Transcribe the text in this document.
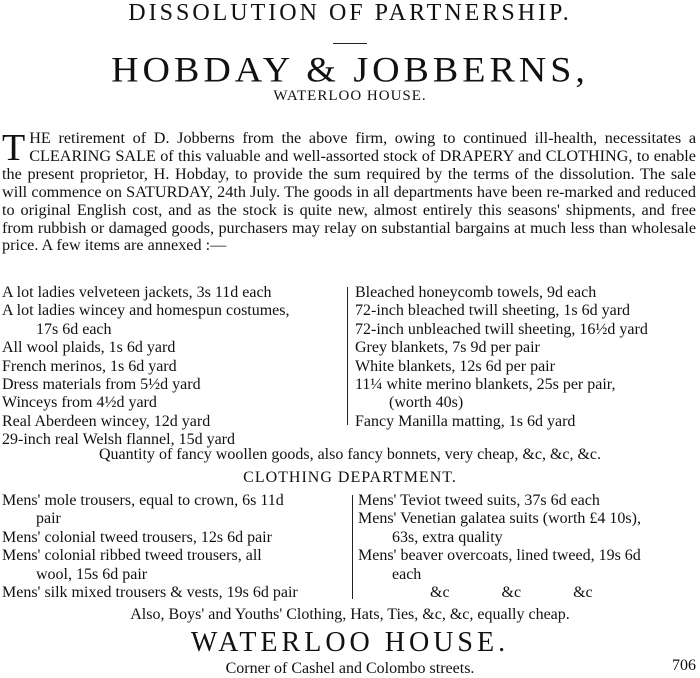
DISSOLUTION OF PARTNERSHIP.
HOBDAY & JOBBERNS,
WATERLOO HOUSE.
T HE retirement of D. Jobberns from the above firm, owing to continued ill-health, necessitates a CLEARING SALE of this valuable and well-assorted stock of DRAPERY and CLOTHING, to enable the present proprietor, H. Hobday, to provide the sum required by the terms of the dissolution. The sale will commence on SATURDAY, 24th July. The goods in all departments have been re-marked and reduced to original English cost, and as the stock is quite new, almost entirely this seasons' shipments, and free from rubbish or damaged goods, purchasers may relay on substantial bargains at much less than wholesale price. A few items are annexed :—
A lot ladies velveteen jackets, 3s 11d each
A lot ladies wincey and homespun costumes,
17s 6d each
All wool plaids, 1s 6d yard
French merinos, 1s 6d yard
Dress materials from 5½d yard
Winceys from 4½d yard
Real Aberdeen wincey, 12d yard
29-inch real Welsh flannel, 15d yard
Bleached honeycomb towels, 9d each
72-inch bleached twill sheeting, 1s 6d yard
72-inch unbleached twill sheeting, 16½d yard
Grey blankets, 7s 9d per pair
White blankets, 12s 6d per pair
11¼ white merino blankets, 25s per pair,
(worth 40s)
Fancy Manilla matting, 1s 6d yard
Quantity of fancy woollen goods, also fancy bonnets, very cheap, &c, &c, &c.
CLOTHING DEPARTMENT.
Mens' mole trousers, equal to crown, 6s 11d
pair
Mens' colonial tweed trousers, 12s 6d pair
Mens' colonial ribbed tweed trousers, all
wool, 15s 6d pair
Mens' silk mixed trousers & vests, 19s 6d pair
Mens' Teviot tweed suits, 37s 6d each
Mens' Venetian galatea suits (worth £4 10s),
63s, extra quality
Mens' beaver overcoats, lined tweed, 19s 6d
each
&c &c &c
Also, Boys' and Youths' Clothing, Hats, Ties, &c, &c, equally cheap.
WATERLOO HOUSE.
Corner of Cashel and Colombo streets.	706
